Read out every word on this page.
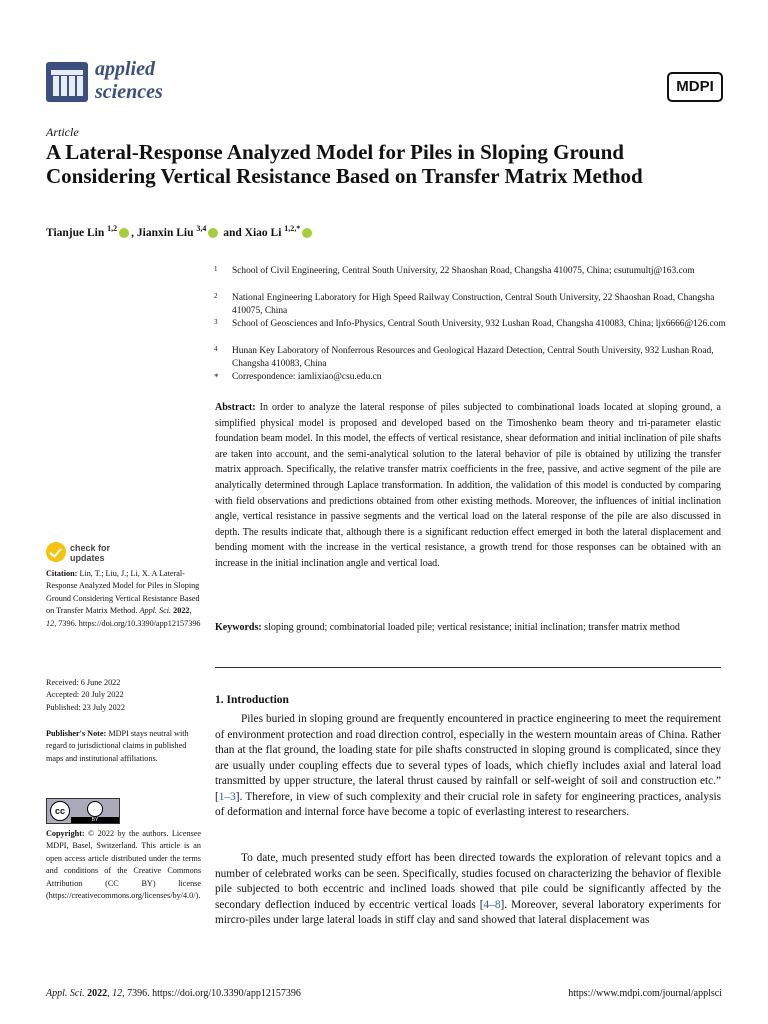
applied
sciences	MDPI
Article
A Lateral-Response Analyzed Model for Piles in Sloping Ground Considering Vertical Resistance Based on Transfer Matrix Method
Tianjue Lin $^{1,2}$ , Jianxin Liu $^{3,4}$ and Xiao Li $^{1,2,*}$
1 School of Civil Engineering, Central South University, 22 Shaoshan Road, Changsha 410075, China; csutumultj@163.com
2 National Engineering Laboratory for High Speed Railway Construction, Central South University, 22 Shaoshan Road, Changsha 410075, China
3 School of Geosciences and Info-Physics, Central South University, 932 Lushan Road, Changsha 410083, China; ljx6666@126.com
4 Hunan Key Laboratory of Nonferrous Resources and Geological Hazard Detection, Central South University, 932 Lushan Road, Changsha 410083, China
* Correspondence: iamlixiao@csu.edu.cn
Abstract: In order to analyze the lateral response of piles subjected to combinational loads located at sloping ground, a simplified physical model is proposed and developed based on the Timoshenko beam theory and tri-parameter elastic foundation beam model. In this model, the effects of vertical resistance, shear deformation and initial inclination of pile shafts are taken into account, and the semi-analytical solution to the lateral behavior of pile is obtained by utilizing the transfer matrix approach. Specifically, the relative transfer matrix coefficients in the free, passive, and active segment of the pile are analytically determined through Laplace transformation. In addition, the validation of this model is conducted by comparing with field observations and predictions obtained from other existing methods. Moreover, the influences of initial inclination angle, vertical resistance in passive segments and the vertical load on the lateral response of the pile are also discussed in depth. The results indicate that, although there is a significant reduction effect emerged in both the lateral displacement and bending moment with the increase in the vertical resistance, a growth trend for those responses can be obtained with an increase in the initial inclination angle and vertical load.
Keywords: sloping ground; combinatorial loaded pile; vertical resistance; initial inclination; transfer matrix method
check for
updates
Citation: Lin, T.; Liu, J.; Li, X. A Lateral-Response Analyzed Model for Piles in Sloping Ground Considering Vertical Resistance Based on Transfer Matrix Method. Appl. Sci. 2022, 12, 7396. https://doi.org/10.3390/app12157396
Received: 6 June 2022
Accepted: 20 July 2022
Published: 23 July 2022
Publisher's Note: MDPI stays neutral with regard to jurisdictional claims in published maps and institutional affiliations.
cc
BY
Copyright: © 2022 by the authors. Licensee MDPI, Basel, Switzerland. This article is an open access article distributed under the terms and conditions of the Creative Commons Attribution (CC BY) license (https://creativecommons.org/licenses/by/4.0/).
1. Introduction
Piles buried in sloping ground are frequently encountered in practice engineering to meet the requirement of environment protection and road direction control, especially in the western mountain areas of China. Rather than at the flat ground, the loading state for pile shafts constructed in sloping ground is complicated, since they are usually under coupling effects due to several types of loads, which chiefly includes axial and lateral load transmitted by upper structure, the lateral thrust caused by rainfall or self-weight of soil and construction etc.” [1–3]. Therefore, in view of such complexity and their crucial role in safety for engineering practices, analysis of deformation and internal force have become a topic of everlasting interest to researchers.
To date, much presented study effort has been directed towards the exploration of relevant topics and a number of celebrated works can be seen. Specifically, studies focused on characterizing the behavior of flexible pile subjected to both eccentric and inclined loads showed that pile could be significantly affected by the secondary deflection induced by eccentric vertical loads [4–8]. Moreover, several laboratory experiments for mircro-piles under large lateral loads in stiff clay and sand showed that lateral displacement was
Appl. Sci. 2022, 12, 7396. https://doi.org/10.3390/app12157396	https://www.mdpi.com/journal/applsci
